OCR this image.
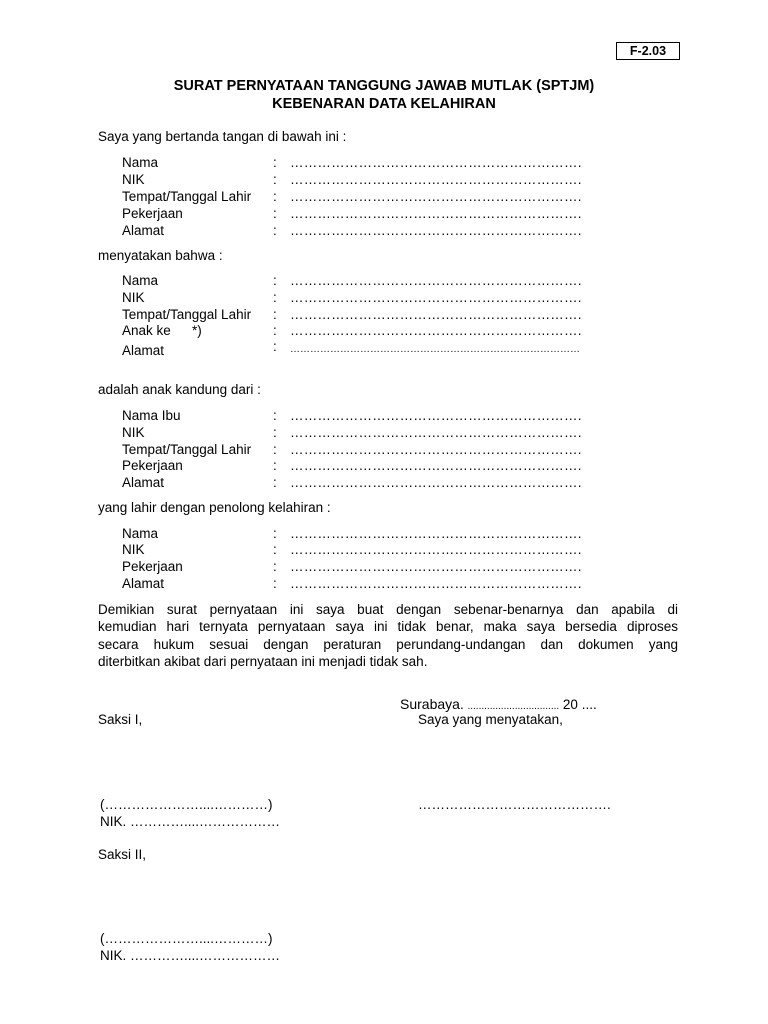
F-2.03
SURAT PERNYATAAN TANGGUNG JAWAB MUTLAK (SPTJM)
KEBENARAN DATA KELAHIRAN
Saya yang bertanda tangan di bawah ini :
Nama	: ……………………………………………………….
NIK	: ……………………………………………………….
Tempat/Tanggal Lahir : ……………………………………………………….
Pekerjaan	: ……………………………………………………….
Alamat	: ……………………………………………………….
menyatakan bahwa :
Nama	: ……………………………………………………….
NIK	: ……………………………………………………….
Tempat/Tanggal Lahir : ……………………………………………………….
Anak ke *)	: ……………………………………………………….
Alamat	: ……………………………………………………………………………
adalah anak kandung dari :
Nama Ibu	: ……………………………………………………….
NIK	: ……………………………………………………….
Tempat/Tanggal Lahir : ……………………………………………………….
Pekerjaan	: ……………………………………………………….
Alamat	: ……………………………………………………….
yang lahir dengan penolong kelahiran :
Nama	: ……………………………………………………….
NIK	: ……………………………………………………….
Pekerjaan	: ……………………………………………………….
Alamat	: ……………………………………………………….
Demikian surat pernyataan ini saya buat dengan sebenar-benarnya dan apabila di
kemudian hari ternyata pernyataan saya ini tidak benar, maka saya bersedia diproses
secara hukum sesuai dengan peraturan perundang-undangan dan dokumen yang
diterbitkan akibat dari pernyataan ini menjadi tidak sah.
Surabaya. ................................. 20 ....
Saksi I,	Saya yang menyatakan,
(…………………....…………)	…………………………………….
NIK. …………....………………
Saksi II,
(…………………....…………)
NIK. …………....………………
